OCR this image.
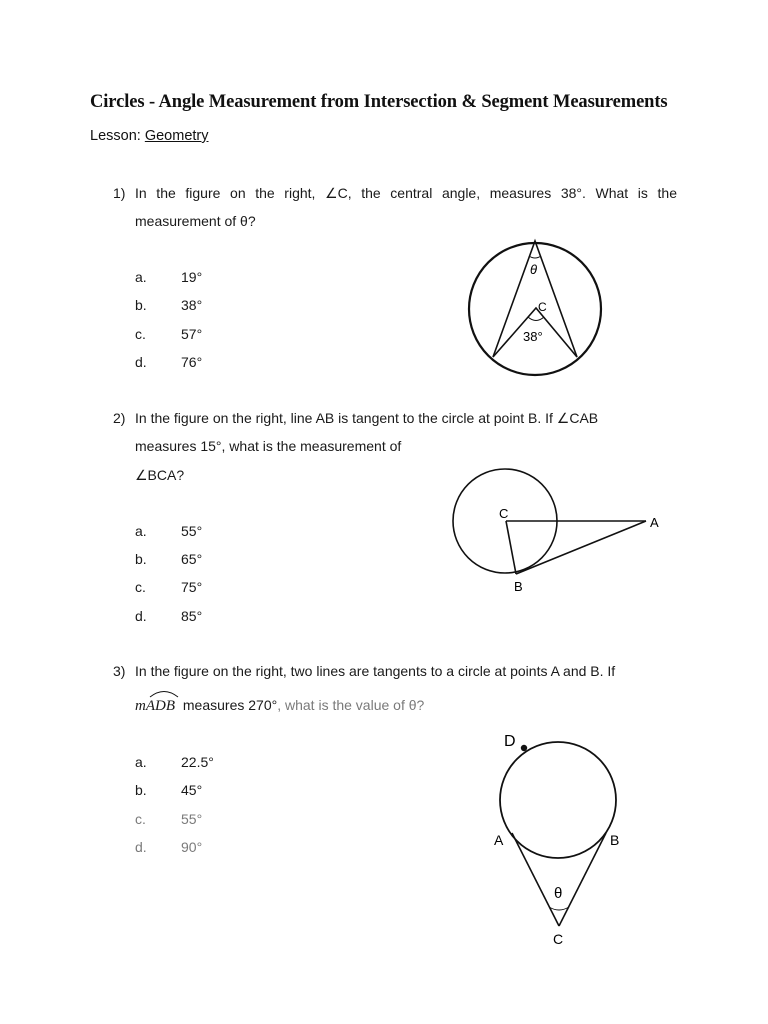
Circles - Angle Measurement from Intersection & Segment Measurements
Lesson: Geometry
1) In the figure on the right, ∠C, the central angle, measures 38°. What is the
measurement of θ?
a. 19°
b. 38°
c.	57°
d. 76°
θ
C
38°
2) In the figure on the right, line AB is tangent to the circle at point B. If ∠CAB
measures 15°, what is the measurement of
∠BCA?
a. 55°
b. 65°
c.	75°
d. 85°
C
A
B
3) In the figure on the right, two lines are tangents to a circle at points A and B. If
mADB measures 270°, what is the value of θ?
a. 22.5°
b. 45°
c.	55°
d. 90°
D
A	B
C
θ
